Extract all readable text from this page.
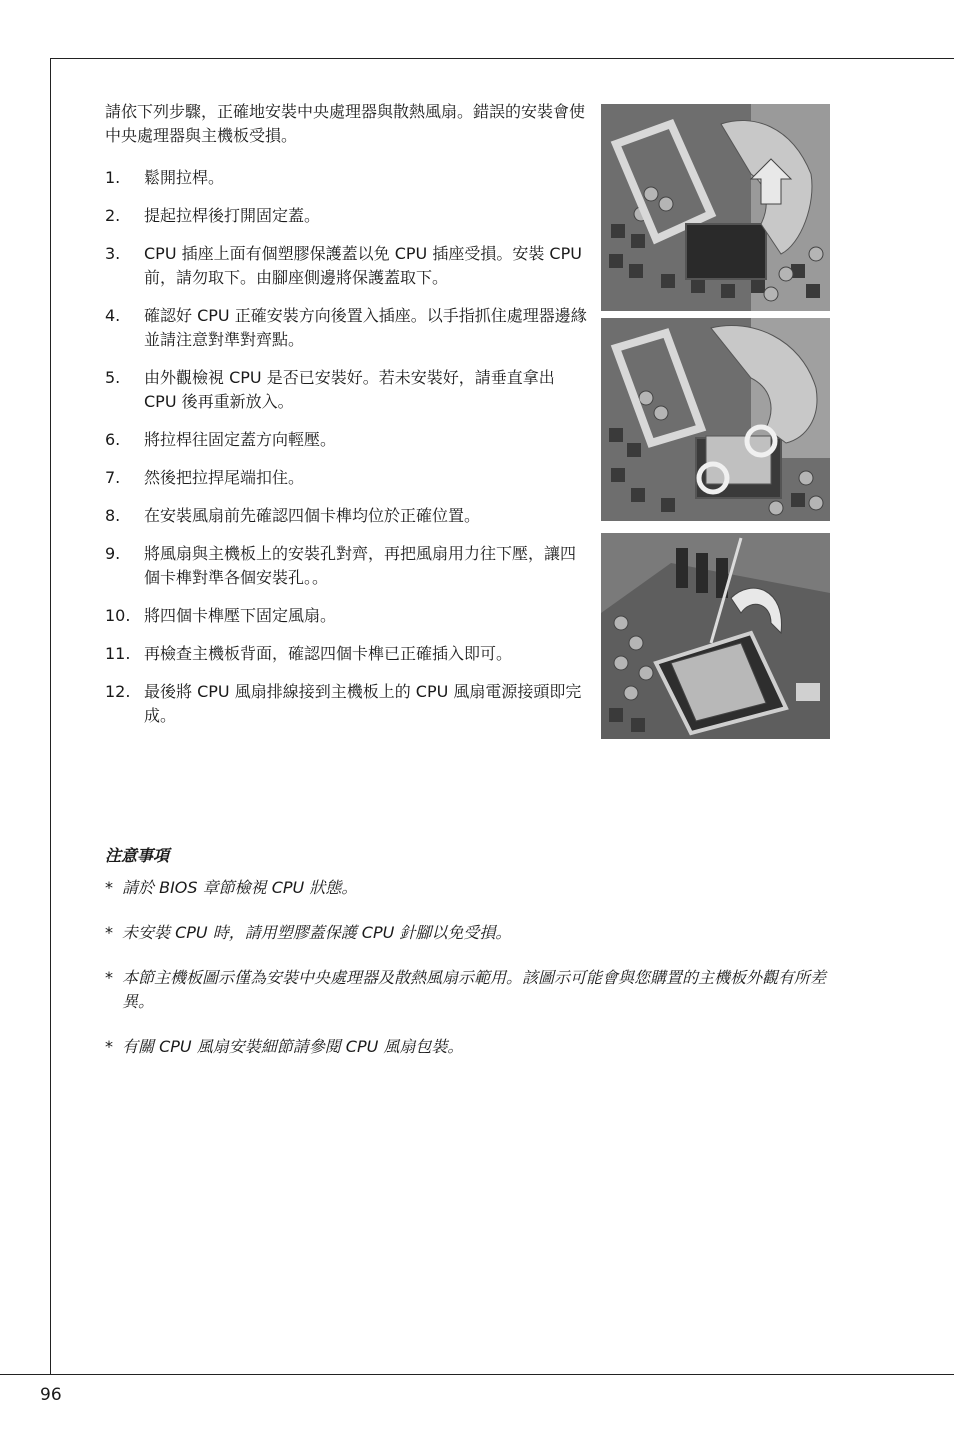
請依下列步驟，正確地安裝中央處理器與散熱風扇。錯誤的安裝會使中央處理器與主機板受損。
1.	鬆開拉桿。
2.	提起拉桿後打開固定蓋。
3.	CPU 插座上面有個塑膠保護蓋以免 CPU 插座受損。安裝 CPU 前，請勿取下。由腳座側邊將保護蓋取下。
4.	確認好 CPU 正確安裝方向後置入插座。以手指抓住處理器邊緣並請注意對準對齊點。
5.	由外觀檢視 CPU 是否已安裝好。若未安裝好，請垂直拿出 CPU 後再重新放入。
6.	將拉桿往固定蓋方向輕壓。
7.	然後把拉捍尾端扣住。
8.	在安裝風扇前先確認四個卡榫均位於正確位置。
9.	將風扇與主機板上的安裝孔對齊，再把風扇用力往下壓，讓四個卡榫對準各個安裝孔。。
10. 將四個卡榫壓下固定風扇。
11. 再檢查主機板背面，確認四個卡榫已正確插入即可。
12. 最後將 CPU 風扇排線接到主機板上的 CPU 風扇電源接頭即完成。
注意事項
* 請於 BIOS 章節檢視 CPU 狀態。
* 未安裝 CPU 時，請用塑膠蓋保護 CPU 針腳以免受損。
* 本節主機板圖示僅為安裝中央處理器及散熱風扇示範用。該圖示可能會與您購置的主機板外觀有所差異。
* 有關 CPU 風扇安裝細節請參閱 CPU 風扇包裝。
96
